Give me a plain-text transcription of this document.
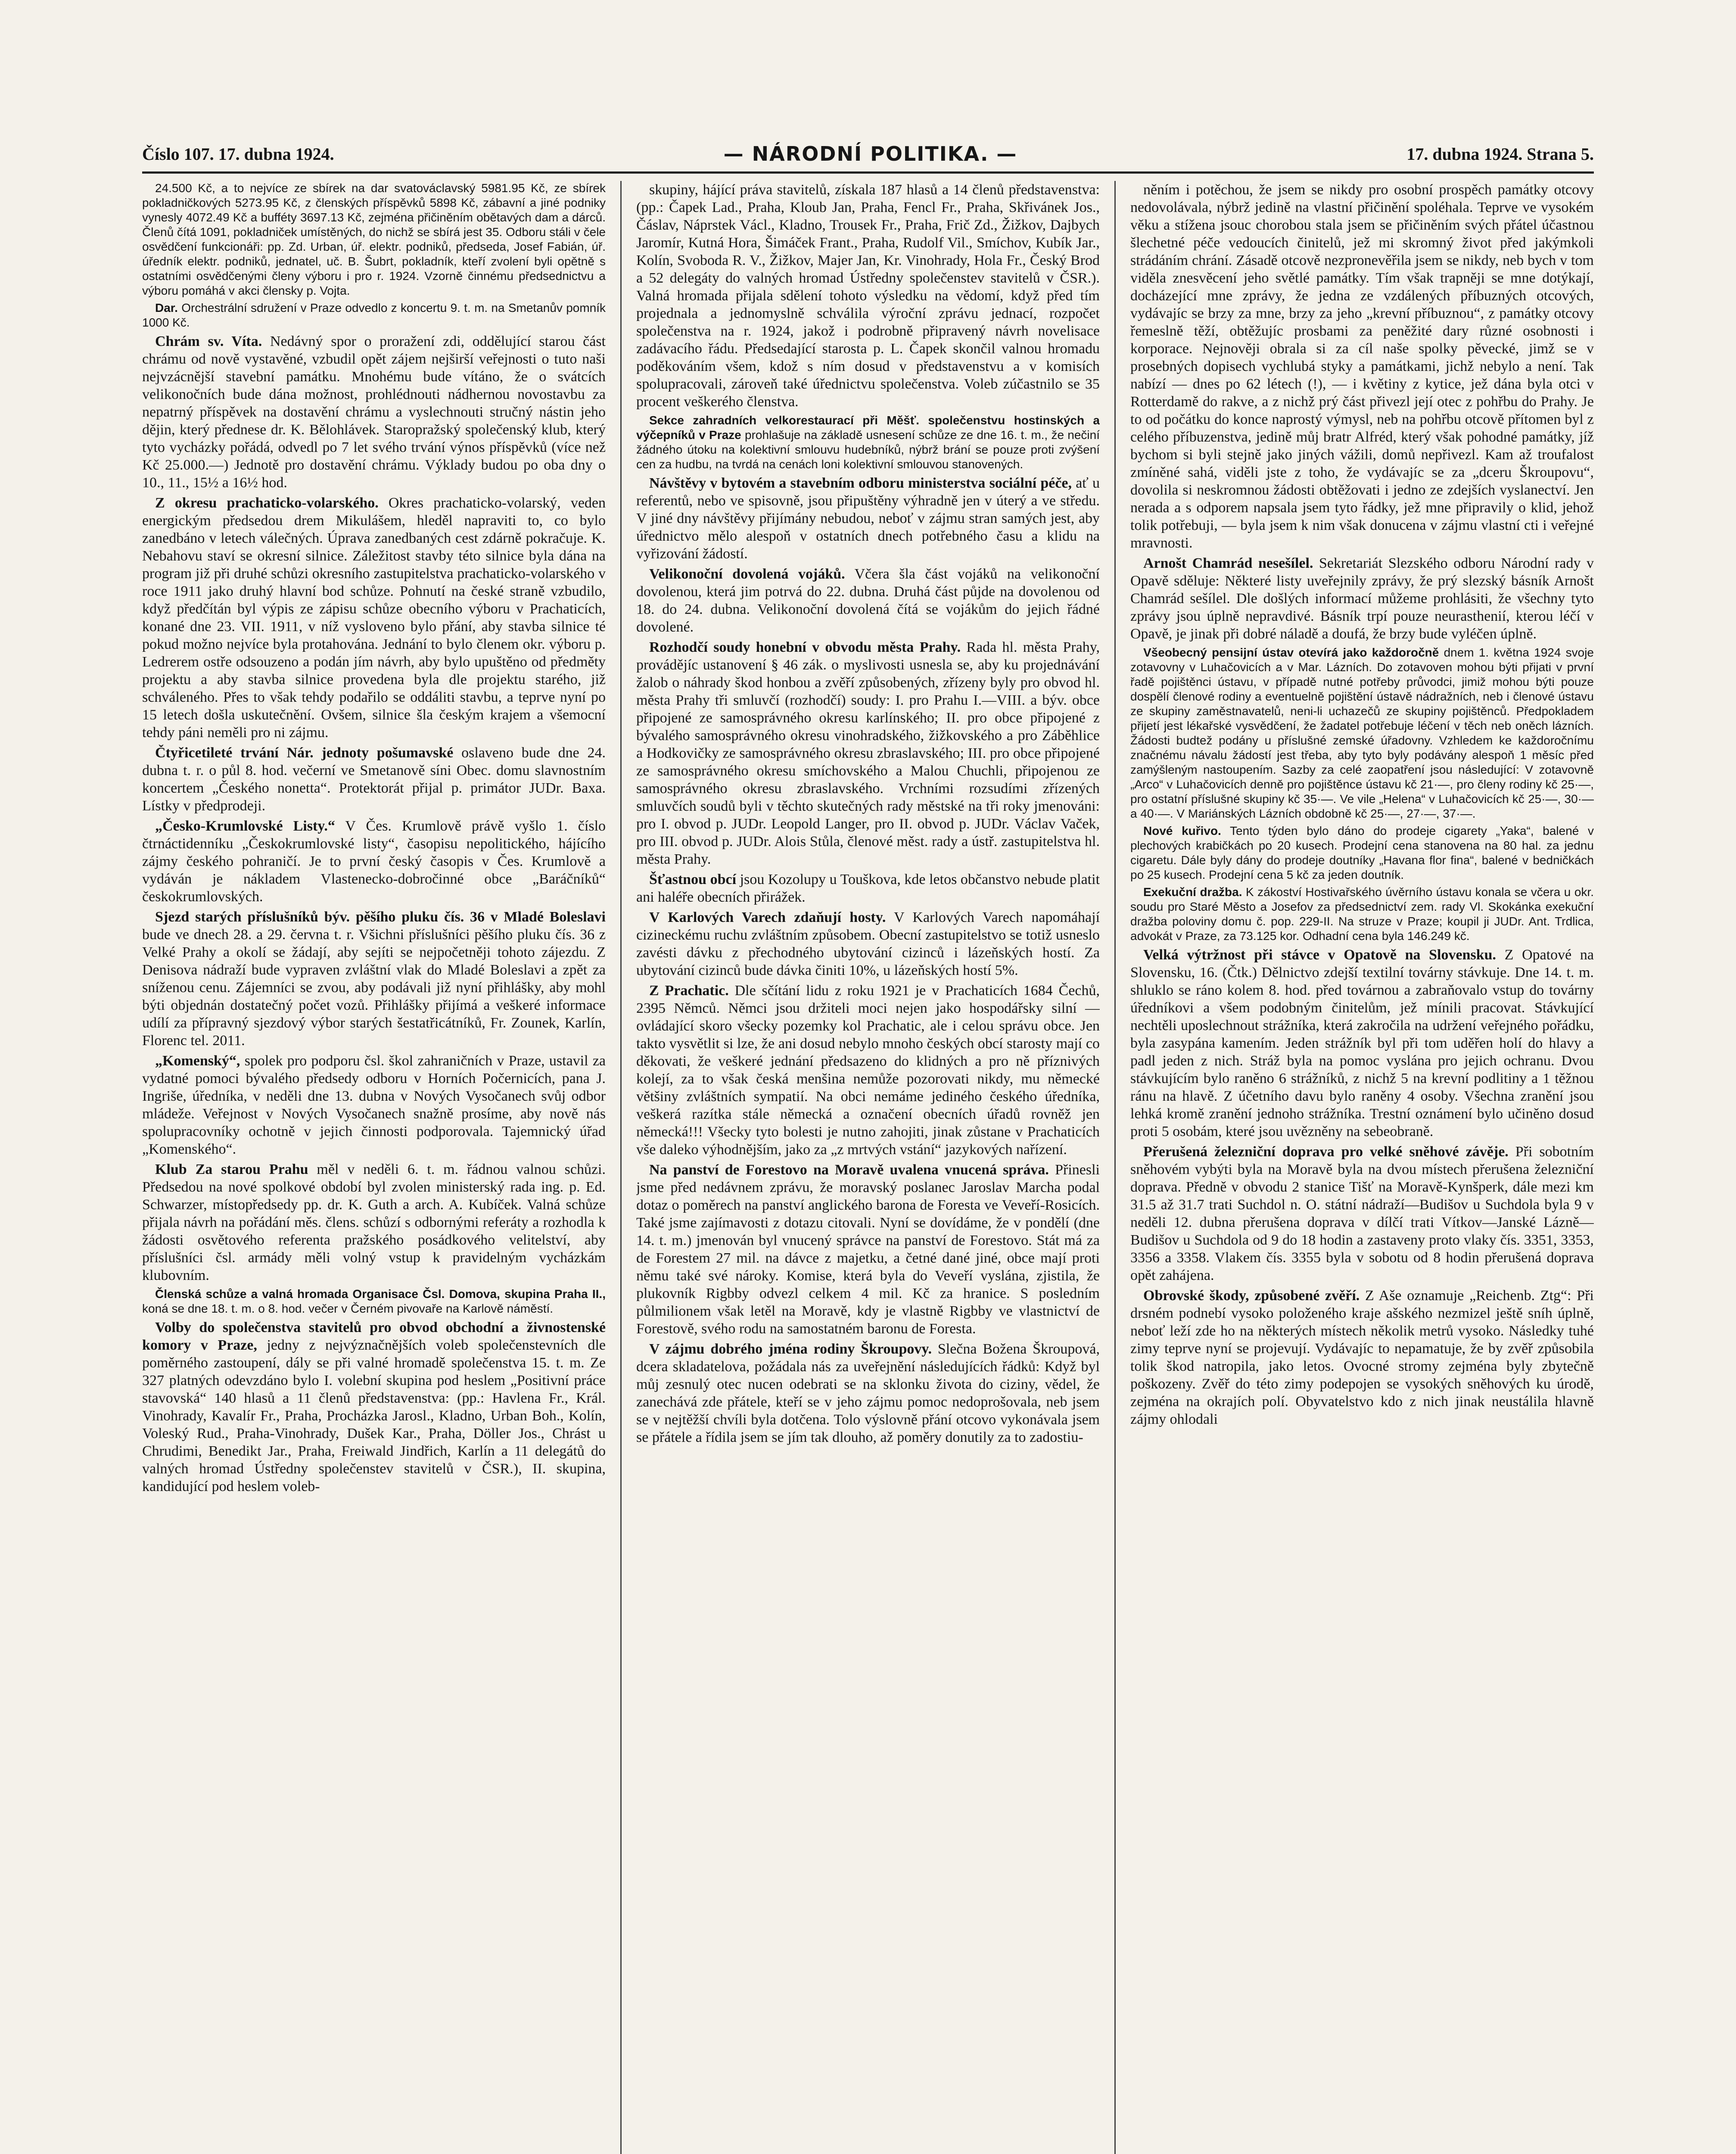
Číslo 107. 17. dubna 1924.	— NÁRODNÍ POLITIKA. —	17. dubna 1924. Strana 5.

24.500 Kč, a to nejvíce ze sbírek na dar svatováclavský 5981.95 Kč, ze sbírek pokladničkových 5273.95 Kč, z členských příspěvků 5898 Kč, zábavní a jiné podniky vynesly 4072.49 Kč a bufféty 3697.13 Kč, zejména přičiněním obětavých dam a dárců. Členů čítá 1091, pokladniček umístěných, do nichž se sbírá jest 35. Odboru stáli v čele osvědčení funkcionáři: pp. Zd. Urban, úř. elektr. podniků, předseda, Josef Fabián, úř. úředník elektr. podniků, jednatel, uč. B. Šubrt, pokladník, kteří zvolení byli opětně s ostatními osvědčenými členy výboru i pro r. 1924. Vzorně činnému předsednictvu a výboru pomáhá v akci člensky p. Vojta.

Dar. Orchestrální sdružení v Praze odvedlo z koncertu 9. t. m. na Smetanův pomník 1000 Kč.

Chrám sv. Víta. Nedávný spor o proražení zdi, oddělující starou část chrámu od nově vystavěné, vzbudil opět zájem nejširší veřejnosti o tuto naši nejvzácnější stavební památku. Mnohému bude vítáno, že o svátcích velikonočních bude dána možnost, prohlédnouti nádhernou novostavbu za nepatrný příspěvek na dostavění chrámu a vyslechnouti stručný nástin jeho dějin, který přednese dr. K. Bělohlávek. Staropražský společenský klub, který tyto vycházky pořádá, odvedl po 7 let svého trvání výnos příspěvků (více než Kč 25.000.—) Jednotě pro dostavění chrámu. Výklady budou po oba dny o 10., 11., 15½ a 16½ hod.

Z okresu prachaticko-volarského. Okres prachaticko-volarský, veden energickým předsedou drem Mikulášem, hleděl napraviti to, co bylo zanedbáno v letech válečných. Úprava zanedbaných cest zdárně pokračuje. K. Nebahovu staví se okresní silnice. Záležitost stavby této silnice byla dána na program již při druhé schůzi okresního zastupitelstva prachaticko-volarského v roce 1911 jako druhý hlavní bod schůze. Pohnutí na české straně vzbudilo, když předčítán byl výpis ze zápisu schůze obecního výboru v Prachaticích, konané dne 23. VII. 1911, v níž vysloveno bylo přání, aby stavba silnice té pokud možno nejvíce byla protahována. Jednání to bylo členem okr. výboru p. Ledrerem ostře odsouzeno a podán jím návrh, aby bylo upuštěno od předměty projektu a aby stavba silnice provedena byla dle projektu starého, již schváleného. Přes to však tehdy podařilo se oddáliti stavbu, a teprve nyní po 15 letech došla uskutečnění. Ovšem, silnice šla českým krajem a všemocní tehdy páni neměli pro ni zájmu.

Čtyřicetileté trvání Nár. jednoty pošumavské oslaveno bude dne 24. dubna t. r. o půl 8. hod. večerní ve Smetanově síni Obec. domu slavnostním koncertem „Českého nonetta“. Protektorát přijal p. primátor JUDr. Baxa. Lístky v předprodeji.

„Česko-Krumlovské Listy.“ V Čes. Krumlově právě vyšlo 1. číslo čtrnáctidenníku „Českokrumlovské listy“, časopisu nepolitického, hájícího zájmy českého pohraničí. Je to první český časopis v Čes. Krumlově a vydáván je nákladem Vlastenecko-dobročinné obce „Baráčníků“ českokrumlovských.

Sjezd starých příslušníků býv. pěšího pluku čís. 36 v Mladé Boleslavi bude ve dnech 28. a 29. června t. r. Všichni příslušníci pěšího pluku čís. 36 z Velké Prahy a okolí se žádají, aby sejíti se nejpočetněji tohoto zájezdu. Z Denisova nádraží bude vypraven zvláštní vlak do Mladé Boleslavi a zpět za sníženou cenu. Zájemníci se zvou, aby podávali již nyní přihlášky, aby mohl býti objednán dostatečný počet vozů. Přihlášky přijímá a veškeré informace udílí za přípravný sjezdový výbor starých šestatřicátníků, Fr. Zounek, Karlín, Florenc tel. 2011.

„Komenský“, spolek pro podporu čsl. škol zahraničních v Praze, ustavil za vydatné pomoci bývalého předsedy odboru v Horních Počernicích, pana J. Ingriše, úředníka, v neděli dne 13. dubna v Nových Vysočanech svůj odbor mládeže. Veřejnost v Nových Vysočanech snažně prosíme, aby nově nás spolupracovníky ochotně v jejich činnosti podporovala. Tajemnický úřad „Komenského“.

Klub Za starou Prahu měl v neděli 6. t. m. řádnou valnou schůzi. Předsedou na nové spolkové období byl zvolen ministerský rada ing. p. Ed. Schwarzer, místopředsedy pp. dr. K. Guth a arch. A. Kubíček. Valná schůze přijala návrh na pořádání měs. člens. schůzí s odbornými referáty a rozhodla k žádosti osvětového referenta pražského posádkového velitelství, aby příslušníci čsl. armády měli volný vstup k pravidelným vycházkám klubovním.

Členská schůze a valná hromada Organisace Čsl. Domova, skupina Praha II., koná se dne 18. t. m. o 8. hod. večer v Černém pivovaře na Karlově náměstí.

Volby do společenstva stavitelů pro obvod obchodní a živnostenské komory v Praze, jedny z nejvýznačnějších voleb společenstevních dle poměrného zastoupení, dály se při valné hromadě společenstva 15. t. m. Ze 327 platných odevzdáno bylo I. volební skupina pod heslem „Positivní práce stavovská“ 140 hlasů a 11 členů představenstva: (pp.: Havlena Fr., Král. Vinohrady, Kavalír Fr., Praha, Procházka Jarosl., Kladno, Urban Boh., Kolín, Voleský Rud., Praha-Vinohrady, Dušek Kar., Praha, Döller Jos., Chrást u Chrudimi, Benedikt Jar., Praha, Freiwald Jindřich, Karlín a 11 delegátů do valných hromad Ústředny společenstev stavitelů v ČSR.), II. skupina, kandidující pod heslem voleb-

skupiny, hájící práva stavitelů, získala 187 hlasů a 14 členů představenstva: (pp.: Čapek Lad., Praha, Kloub Jan, Praha, Fencl Fr., Praha, Skřivánek Jos., Čáslav, Náprstek Václ., Kladno, Trousek Fr., Praha, Frič Zd., Žižkov, Dajbych Jaromír, Kutná Hora, Šimáček Frant., Praha, Rudolf Vil., Smíchov, Kubík Jar., Kolín, Svoboda R. V., Žižkov, Majer Jan, Kr. Vinohrady, Hola Fr., Český Brod a 52 delegáty do valných hromad Ústředny společenstev stavitelů v ČSR.). Valná hromada přijala sdělení tohoto výsledku na vědomí, když před tím projednala a jednomyslně schválila výroční zprávu jednací, rozpočet společenstva na r. 1924, jakož i podrobně připravený návrh novelisace zadávacího řádu. Předsedající starosta p. L. Čapek skončil valnou hromadu poděkováním všem, kdož s ním dosud v představenstvu a v komisích spolupracovali, zároveň také úřednictvu společenstva. Voleb zúčastnilo se 35 procent veškerého členstva.

Sekce zahradních velkorestaurací při Měšť. společenstvu hostinských a výčepníků v Praze prohlašuje na základě usnesení schůze ze dne 16. t. m., že nečiní žádného útoku na kolektivní smlouvu hudebníků, nýbrž brání se pouze proti zvýšení cen za hudbu, na tvrdá na cenách loni kolektivní smlouvou stanovených.

Návštěvy v bytovém a stavebním odboru ministerstva sociální péče, ať u referentů, nebo ve spisovně, jsou připuštěny výhradně jen v úterý a ve středu. V jiné dny návštěvy přijímány nebudou, neboť v zájmu stran samých jest, aby úřednictvo mělo alespoň v ostatních dnech potřebného času a klidu na vyřizování žádostí.

Velikonoční dovolená vojáků. Včera šla část vojáků na velikonoční dovolenou, která jim potrvá do 22. dubna. Druhá část půjde na dovolenou od 18. do 24. dubna. Velikonoční dovolená čítá se vojákům do jejich řádné dovolené.

Rozhodčí soudy honební v obvodu města Prahy. Rada hl. města Prahy, provádějíc ustanovení § 46 zák. o myslivosti usnesla se, aby ku projednávání žalob o náhrady škod honbou a zvěří způsobených, zřízeny byly pro obvod hl. města Prahy tři smluvčí (rozhodčí) soudy: I. pro Prahu I.—VIII. a býv. obce připojené ze samosprávného okresu karlínského; II. pro obce připojené z bývalého samosprávného okresu vinohradského, žižkovského a pro Záběhlice a Hodkovičky ze samosprávného okresu zbraslavského; III. pro obce připojené ze samosprávného okresu smíchovského a Malou Chuchli, připojenou ze samosprávného okresu zbraslavského. Vrchními rozsudími zřízených smluvčích soudů byli v těchto skutečných rady městské na tři roky jmenováni: pro I. obvod p. JUDr. Leopold Langer, pro II. obvod p. JUDr. Václav Vaček, pro III. obvod p. JUDr. Alois Stůla, členové měst. rady a ústř. zastupitelstva hl. města Prahy.

Šťastnou obcí jsou Kozolupy u Touškova, kde letos občanstvo nebude platit ani haléře obecních přirážek.

V Karlových Varech zdaňují hosty. V Karlových Varech napomáhají cizineckému ruchu zvláštním způsobem. Obecní zastupitelstvo se totiž usneslo zavésti dávku z přechodného ubytování cizinců i lázeňských hostí. Za ubytování cizinců bude dávka činiti 10%, u lázeňských hostí 5%.

Z Prachatic. Dle sčítání lidu z roku 1921 je v Prachaticích 1684 Čechů, 2395 Němců. Němci jsou držiteli moci nejen jako hospodářsky silní — ovládající skoro všecky pozemky kol Prachatic, ale i celou správu obce. Jen takto vysvětlit si lze, že ani dosud nebylo mnoho českých obcí starosty mají co děkovati, že veškeré jednání předsazeno do klidných a pro ně příznivých kolejí, za to však česká menšina nemůže pozorovati nikdy, mu německé většiny zvláštních sympatií. Na obci nemáme jediného českého úředníka, veškerá razítka stále německá a označení obecních úřadů rovněž jen německá!!! Všecky tyto bolesti je nutno zahojiti, jinak zůstane v Prachaticích vše daleko výhodnějším, jako za „z mrtvých vstání“ jazykových nařízení.

Na panství de Forestovo na Moravě uvalena vnucená správa. Přinesli jsme před nedávnem zprávu, že moravský poslanec Jaroslav Marcha podal dotaz o poměrech na panství anglického barona de Foresta ve Veveří-Rosicích. Také jsme zajímavosti z dotazu citovali. Nyní se dovídáme, že v pondělí (dne 14. t. m.) jmenován byl vnucený správce na panství de Forestovo. Stát má za de Forestem 27 mil. na dávce z majetku, a četné dané jiné, obce mají proti němu také své nároky. Komise, která byla do Veveří vyslána, zjistila, že plukovník Rigbby odvezl celkem 4 mil. Kč za hranice. S posledním půlmilionem však letěl na Moravě, kdy je vlastně Rigbby ve vlastnictví de Forestově, svého rodu na samostatném baronu de Foresta.

V zájmu dobrého jména rodiny Škroupovy. Slečna Božena Škroupová, dcera skladatelova, požádala nás za uveřejnění následujících řádků: Když byl můj zesnulý otec nucen odebrati se na sklonku života do ciziny, vědel, že zanechává zde přátele, kteří se v jeho zájmu pomoc nedoprošovala, neb jsem se v nejtěžší chvíli byla dotčena. Tolo výslovně přání otcovo vykonávala jsem se přátele a řídila jsem se jím tak dlouho, až poměry donutily za to zadostiu-

něním i potěchou, že jsem se nikdy pro osobní prospěch památky otcovy nedovolávala, nýbrž jedině na vlastní přičinění spoléhala. Teprve ve vysokém věku a stížena jsouc chorobou stala jsem se přičiněním svých přátel účastnou šlechetné péče vedoucích činitelů, jež mi skromný život před jakýmkoli strádáním chrání. Zásadě otcově nezpronevěřila jsem se nikdy, neb bych v tom viděla znesvěcení jeho světlé památky. Tím však trapněji se mne dotýkají, docházející mne zprávy, že jedna ze vzdálených příbuzných otcových, vydávajíc se brzy za mne, brzy za jeho „krevní příbuznou“, z památky otcovy řemeslně těží, obtěžujíc prosbami za peněžité dary různé osobnosti i korporace. Nejnověji obrala si za cíl naše spolky pěvecké, jimž se v prosebných dopisech vychlubá styky a památkami, jichž nebylo a není. Tak nabízí — dnes po 62 létech (!), — i květiny z kytice, jež dána byla otci v Rotterdamě do rakve, a z nichž prý část přivezl její otec z pohřbu do Prahy. Je to od počátku do konce naprostý výmysl, neb na pohřbu otcově přítomen byl z celého příbuzenstva, jedině můj bratr Alfréd, který však pohodné památky, jíž bychom si byli stejně jako jiných vážili, domů nepřivezl. Kam až troufalost zmíněné sahá, viděli jste z toho, že vydávajíc se za „dceru Škroupovu“, dovolila si neskromnou žádosti obtěžovati i jedno ze zdejších vyslanectví. Jen nerada a s odporem napsala jsem tyto řádky, jež mne připravily o klid, jehož tolik potřebuji, — byla jsem k nim však donucena v zájmu vlastní cti i veřejné mravnosti.

Arnošt Chamrád nesešílel. Sekretariát Slezského odboru Národní rady v Opavě sděluje: Některé listy uveřejnily zprávy, že prý slezský básník Arnošt Chamrád sešílel. Dle došlých informací můžeme prohlásiti, že všechny tyto zprávy jsou úplně nepravdivé. Básník trpí pouze neurasthenií, kterou léčí v Opavě, je jinak při dobré náladě a doufá, že brzy bude vyléčen úplně.

Všeobecný pensijní ústav otevírá jako každoročně dnem 1. května 1924 svoje zotavovny v Luhačovicích a v Mar. Lázních. Do zotavoven mohou býti přijati v první řadě pojištěnci ústavu, v případě nutné potřeby průvodci, jimiž mohou býti pouze dospělí členové rodiny a eventuelně pojištění ústavě nádražních, neb i členové ústavu ze skupiny zaměstnavatelů, neni-li uchazečů ze skupiny pojištěnců. Předpokladem přijetí jest lékařské vysvědčení, že žadatel potřebuje léčení v těch neb oněch lázních. Žádosti budtež podány u příslušné zemské úřadovny. Vzhledem ke každoročnímu značnému návalu žádostí jest třeba, aby tyto byly podávány alespoň 1 měsíc před zamýšleným nastoupením. Sazby za celé zaopatření jsou následující: V zotavovně „Arco“ v Luhačovicích denně pro pojištěnce ústavu kč 21·—, pro členy rodiny kč 25·—, pro ostatní příslušné skupiny kč 35·—. Ve vile „Helena“ v Luhačovicích kč 25·—, 30·— a 40·—. V Mariánských Lázních obdobně kč 25·—, 27·—, 37·—.

Nové kuřivo. Tento týden bylo dáno do prodeje cigarety „Yaka“, balené v plechových krabičkách po 20 kusech. Prodejní cena stanovena na 80 hal. za jednu cigaretu. Dále byly dány do prodeje doutníky „Havana flor fina“, balené v bedničkách po 25 kusech. Prodejní cena 5 kč za jeden doutník.

Exekuční dražba. K zákoství Hostivařského úvěrního ústavu konala se včera u okr. soudu pro Staré Město a Josefov za předsednictví zem. rady Vl. Skokánka exekuční dražba poloviny domu č. pop. 229-II. Na struze v Praze; koupil ji JUDr. Ant. Trdlica, advokát v Praze, za 73.125 kor. Odhadní cena byla 146.249 kč.

Velká výtržnost při stávce v Opatově na Slovensku. Z Opatové na Slovensku, 16. (Čtk.) Dělnictvo zdejší textilní továrny stávkuje. Dne 14. t. m. shluklo se ráno kolem 8. hod. před továrnou a zabraňovalo vstup do továrny úředníkovi a všem podobným činitelům, jež mínili pracovat. Stávkující nechtěli uposlechnout strážníka, která zakročila na udržení veřejného pořádku, byla zasypána kamením. Jeden strážník byl při tom uděřen holí do hlavy a padl jeden z nich. Stráž byla na pomoc vyslána pro jejich ochranu. Dvou stávkujícím bylo raněno 6 strážníků, z nichž 5 na krevní podlitiny a 1 těžnou ránu na hlavě. Z účetního davu bylo raněny 4 osoby. Všechna zranění jsou lehká kromě zranění jednoho strážníka. Trestní oznámení bylo učiněno dosud proti 5 osobám, které jsou uvězněny na sebeobraně.

Přerušená železniční doprava pro velké sněhové závěje. Při sobotním sněhovém vybýti byla na Moravě byla na dvou místech přerušena železniční doprava. Předně v obvodu 2 stanice Tišť na Moravě-Kynšperk, dále mezi km 31.5 až 31.7 trati Suchdol n. O. státní nádraží—Budišov u Suchdola byla 9 v neděli 12. dubna přerušena doprava v dílčí trati Vítkov—Janské Lázně—Budišov u Suchdola od 9 do 18 hodin a zastaveny proto vlaky čís. 3351, 3353, 3356 a 3358. Vlakem čís. 3355 byla v sobotu od 8 hodin přerušená doprava opět zahájena.

Obrovské škody, způsobené zvěří. Z Aše oznamuje „Reichenb. Ztg“: Při drsném podnebí vysoko položeného kraje ašského nezmizel ještě sníh úplně, neboť leží zde ho na některých místech několik metrů vysoko. Následky tuhé zimy teprve nyní se projevují. Vydávajíc to nepamatuje, že by zvěř způsobila tolik škod natropila, jako letos. Ovocné stromy zejména byly zbytečně poškozeny. Zvěř do této zimy podepojen se vysokých sněhových ku úrodě, zejména na okrajích polí. Obyvatelstvo kdo z nich jinak neustálila hlavně zájmy ohlodali
